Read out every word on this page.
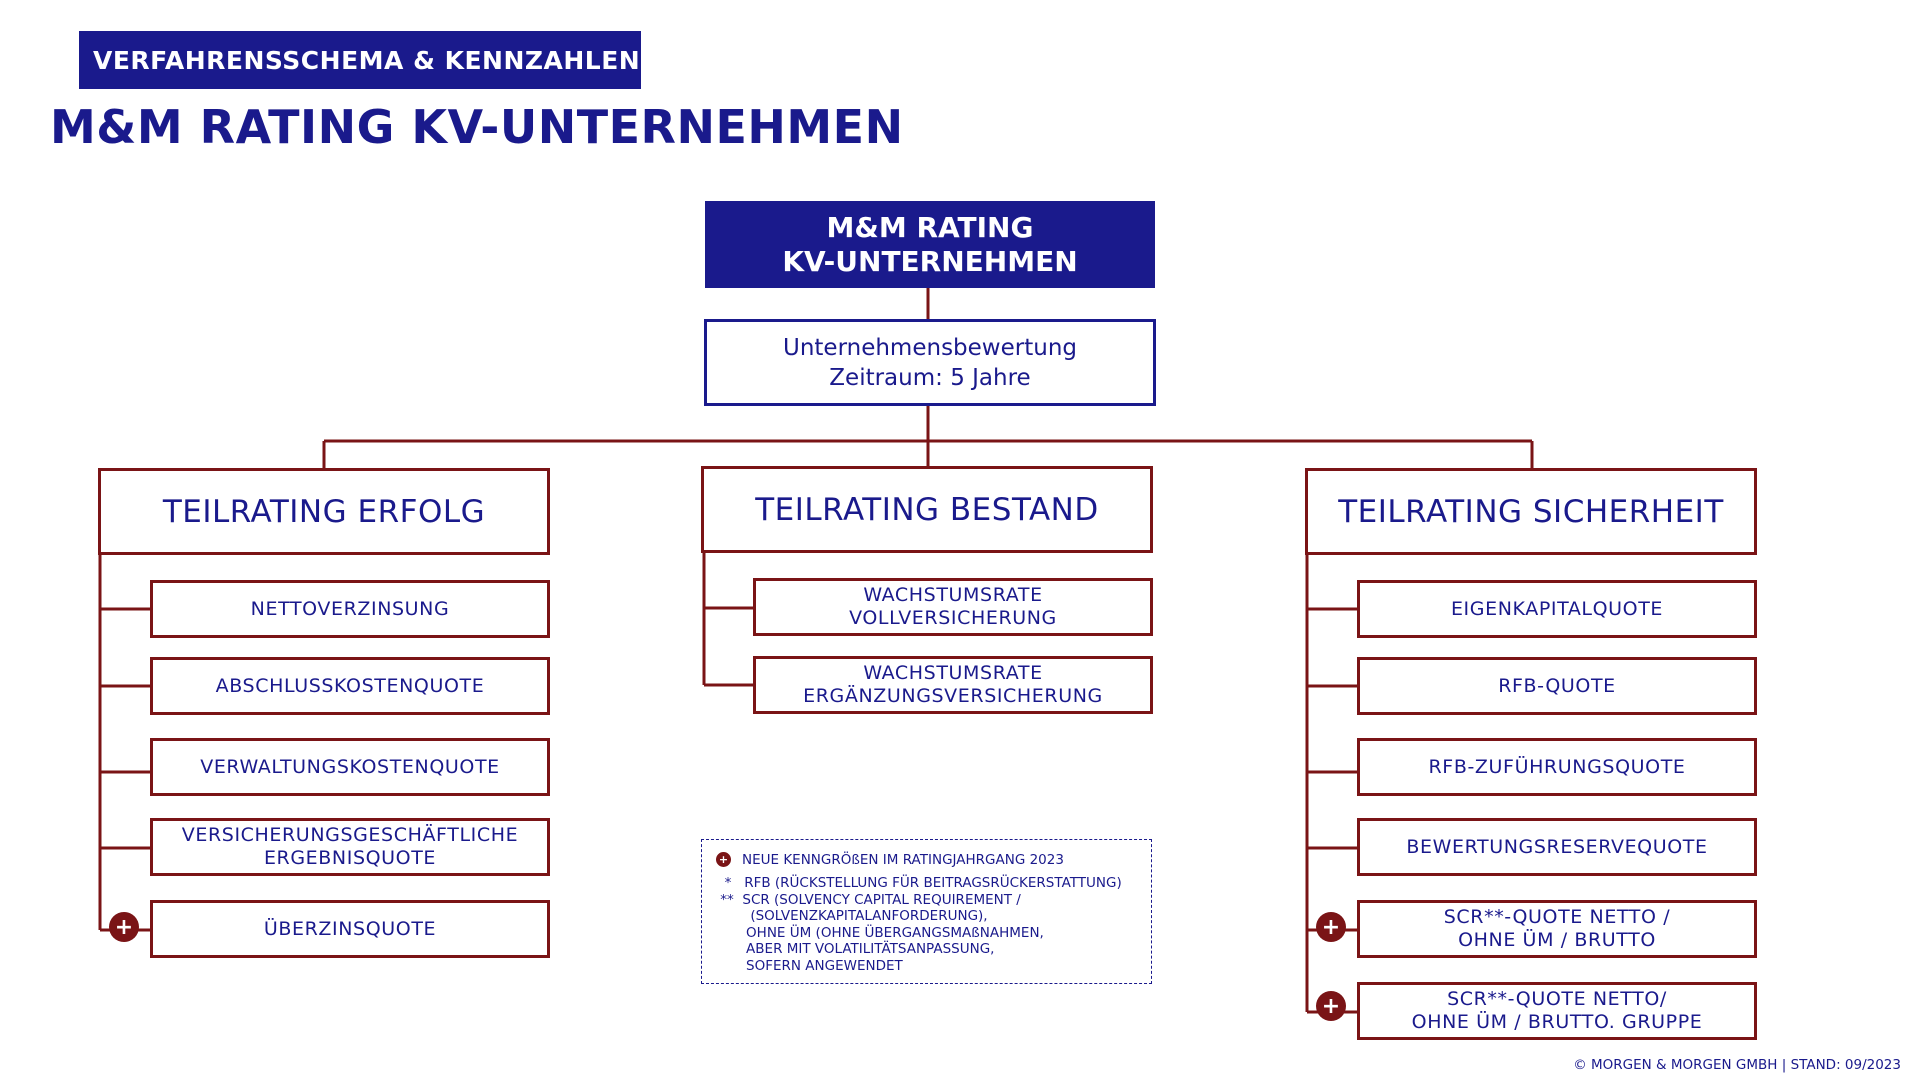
VERFAHRENSSCHEMA & KENNZAHLEN
M&M RATING KV-UNTERNEHMEN
M&M RATING
KV-UNTERNEHMEN
Unternehmensbewertung
Zeitraum: 5 Jahre
TEILRATING ERFOLG
NETTOVERZINSUNG
ABSCHLUSSKOSTENQUOTE
VERWALTUNGSKOSTENQUOTE
VERSICHERUNGSGESCHÄFTLICHE
ERGEBNISQUOTE
ÜBERZINSQUOTE
+
TEILRATING BESTAND
WACHSTUMSRATE
VOLLVERSICHERUNG
WACHSTUMSRATE
ERGÄNZUNGSVERSICHERUNG
TEILRATING SICHERHEIT
EIGENKAPITALQUOTE
RFB-QUOTE
RFB-ZUFÜHRUNGSQUOTE
BEWERTUNGSRESERVEQUOTE
SCR**-QUOTE NETTO /
OHNE ÜM / BRUTTO
SCR**-QUOTE NETTO/
OHNE ÜM / BRUTTO. GRUPPE
+
+
+ NEUE KENNGRÖßEN IM RATINGJAHRGANG 2023
*   RFB (RÜCKSTELLUNG FÜR BEITRAGSRÜCKERSTATTUNG)
**  SCR (SOLVENCY CAPITAL REQUIREMENT /
(SOLVENZKAPITALANFORDERUNG),
OHNE ÜM (OHNE ÜBERGANGSMAßNAHMEN,
ABER MIT VOLATILITÄTSANPASSUNG,
SOFERN ANGEWENDET
© MORGEN & MORGEN GMBH | STAND: 09/2023
